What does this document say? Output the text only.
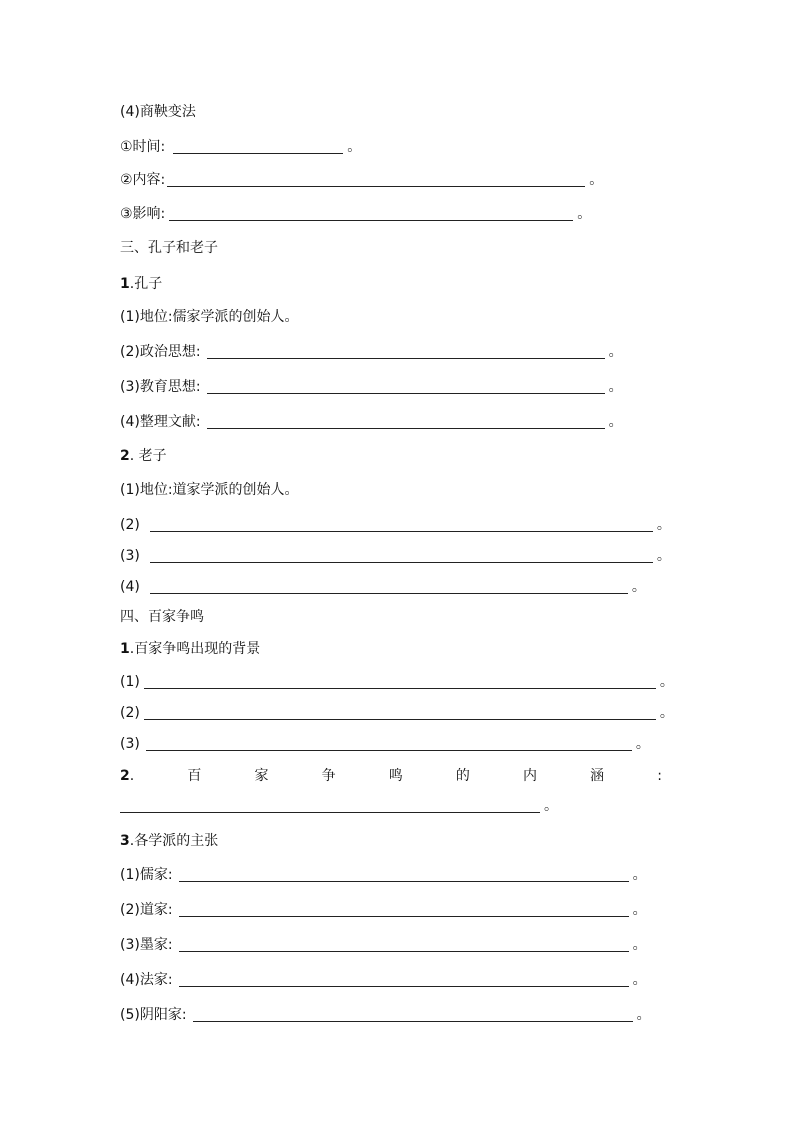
(4)商鞅变法
①时间:	。
②内容:	。
③影响:	。
三、孔子和老子
1 .孔子
(1)地位:儒家学派的创始人。
(2)政治思想:	。
(3)教育思想:	。
(4)整理文献:	。
2 . 老子
(1)地位:道家学派的创始人。
(2)	。
(3)	。
(4)	。
四、百家争鸣
1 .百家争鸣出现的背景
(1)	。
(2)	。
(3)	。
2.	百	家	争	鸣	的	内	涵	:
。
3 .各学派的主张
(1)儒家:	。
(2)道家:	。
(3)墨家:	。
(4)法家:	。
(5)阴阳家:	。
